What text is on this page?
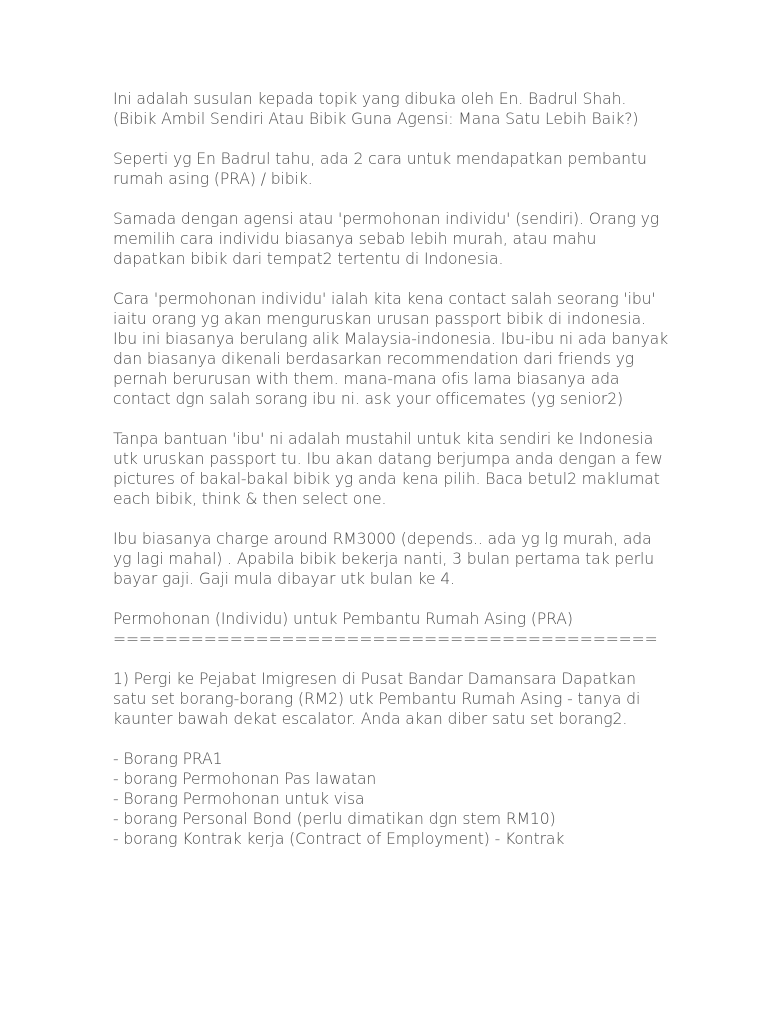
Ini adalah susulan kepada topik yang dibuka oleh En. Badrul Shah. (Bibik Ambil Sendiri Atau Bibik Guna Agensi: Mana Satu Lebih Baik?)

Seperti yg En Badrul tahu, ada 2 cara untuk mendapatkan pembantu rumah asing (PRA) / bibik.

Samada dengan agensi atau 'permohonan individu' (sendiri). Orang yg memilih cara individu biasanya sebab lebih murah, atau mahu dapatkan bibik dari tempat2 tertentu di Indonesia.

Cara 'permohonan individu' ialah kita kena contact salah seorang 'ibu' iaitu orang yg akan menguruskan urusan passport bibik di indonesia. Ibu ini biasanya berulang alik Malaysia-indonesia. Ibu-ibu ni ada banyak dan biasanya dikenali berdasarkan recommendation dari friends yg pernah berurusan with them. mana-mana ofis lama biasanya ada contact dgn salah sorang ibu ni. ask your officemates (yg senior2)

Tanpa bantuan 'ibu' ni adalah mustahil untuk kita sendiri ke Indonesia utk uruskan passport tu. Ibu akan datang berjumpa anda dengan a few pictures of bakal-bakal bibik yg anda kena pilih. Baca betul2 maklumat each bibik, think & then select one.

Ibu biasanya charge around RM3000 (depends.. ada yg lg murah, ada yg lagi mahal) . Apabila bibik bekerja nanti, 3 bulan pertama tak perlu bayar gaji. Gaji mula dibayar utk bulan ke 4.

Permohonan (Individu) untuk Pembantu Rumah Asing (PRA)

==========================================

1) Pergi ke Pejabat Imigresen di Pusat Bandar Damansara Dapatkan satu set borang-borang (RM2) utk Pembantu Rumah Asing - tanya di kaunter bawah dekat escalator. Anda akan diber satu set borang2.

- Borang PRA1
- borang Permohonan Pas lawatan
- Borang Permohonan untuk visa
- borang Personal Bond (perlu dimatikan dgn stem RM10)
- borang Kontrak kerja (Contract of Employment) - Kontrak
